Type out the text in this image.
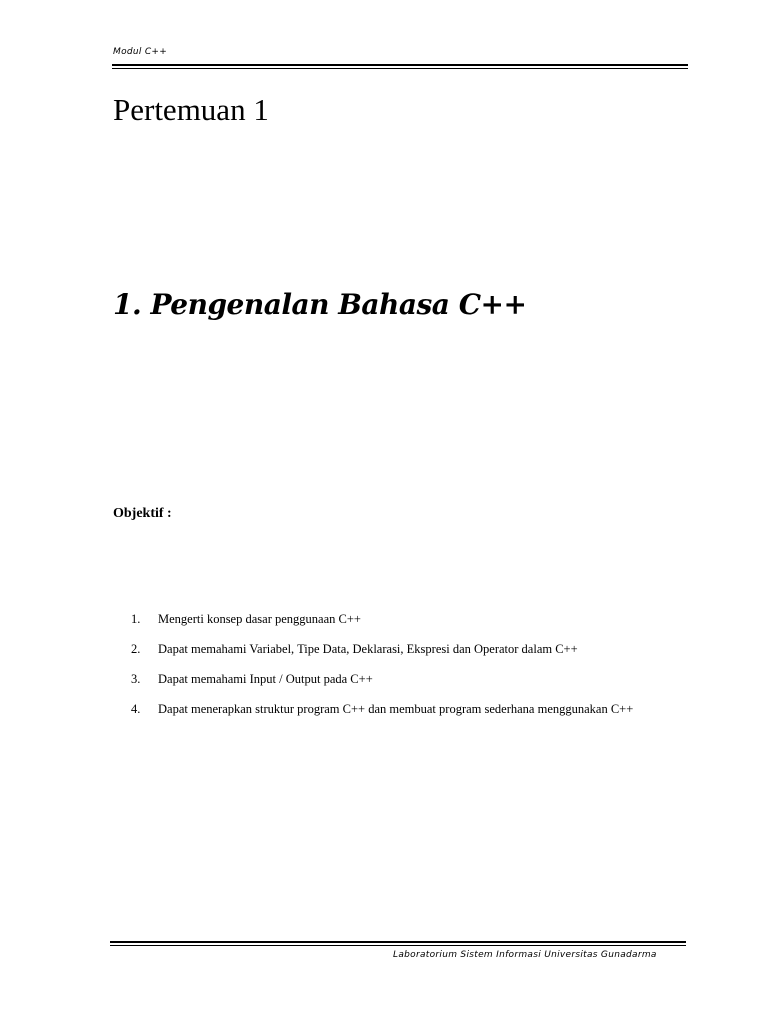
Modul C++
Pertemuan 1
1. Pengenalan Bahasa C++
Objektif :
1.	Mengerti konsep dasar penggunaan C++
2.	Dapat memahami Variabel, Tipe Data, Deklarasi, Ekspresi dan Operator dalam C++
3.	Dapat memahami Input / Output pada C++
4.	Dapat menerapkan struktur program C++ dan membuat program sederhana menggunakan C++
Laboratorium Sistem Informasi Universitas Gunadarma
